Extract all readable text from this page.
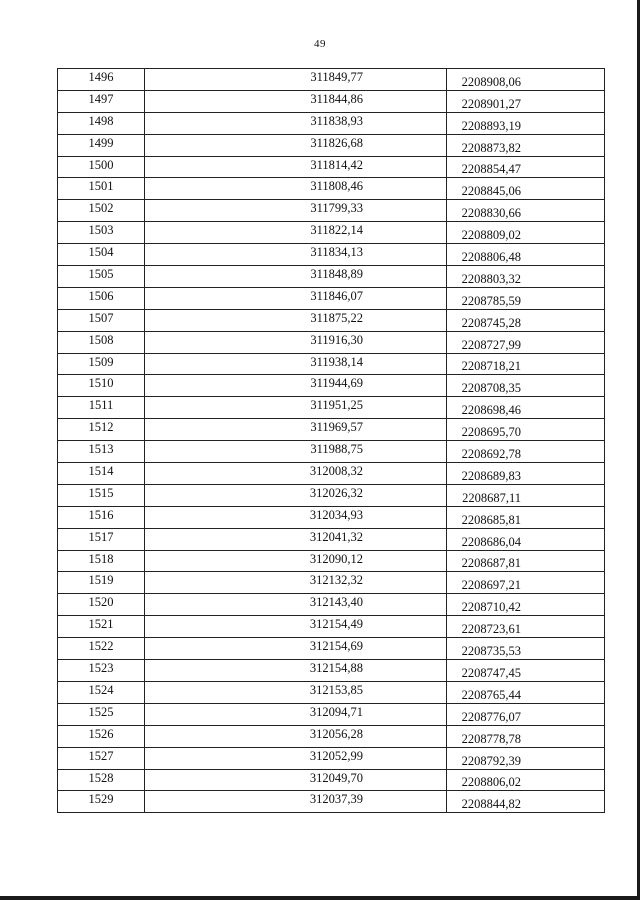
49
1496	311849,77	2208908,06
1497	311844,86	2208901,27
1498	311838,93	2208893,19
1499	311826,68	2208873,82
1500	311814,42	2208854,47
1501	311808,46	2208845,06
1502	311799,33	2208830,66
1503	311822,14	2208809,02
1504	311834,13	2208806,48
1505	311848,89	2208803,32
1506	311846,07	2208785,59
1507	311875,22	2208745,28
1508	311916,30	2208727,99
1509	311938,14	2208718,21
1510	311944,69	2208708,35
1511	311951,25	2208698,46
1512	311969,57	2208695,70
1513	311988,75	2208692,78
1514	312008,32	2208689,83
1515	312026,32	2208687,11
1516	312034,93	2208685,81
1517	312041,32	2208686,04
1518	312090,12	2208687,81
1519	312132,32	2208697,21
1520	312143,40	2208710,42
1521	312154,49	2208723,61
1522	312154,69	2208735,53
1523	312154,88	2208747,45
1524	312153,85	2208765,44
1525	312094,71	2208776,07
1526	312056,28	2208778,78
1527	312052,99	2208792,39
1528	312049,70	2208806,02
1529	312037,39	2208844,82
